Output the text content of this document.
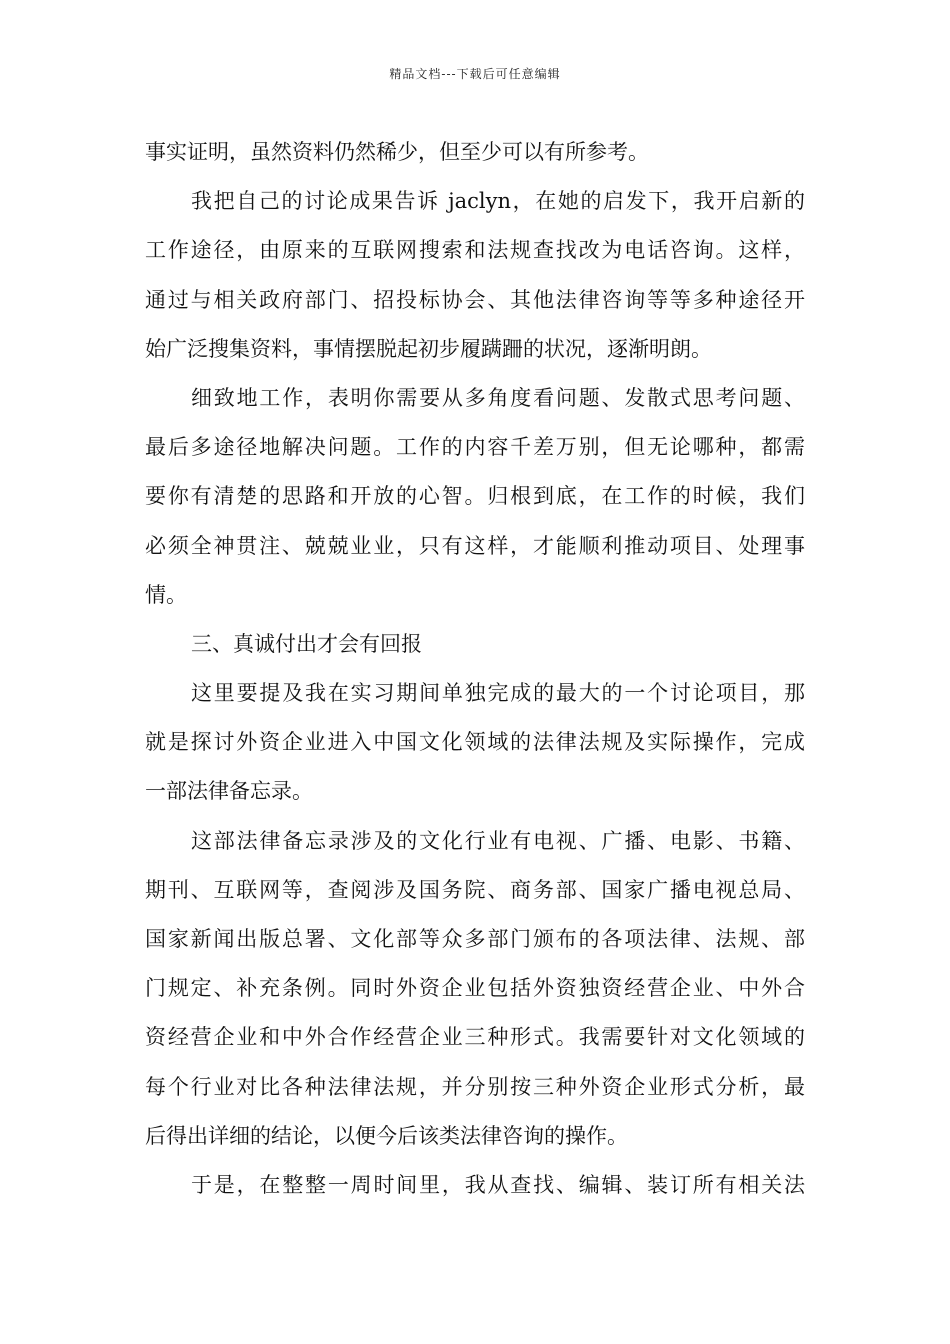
精品文档---下载后可任意编辑
事实证明，虽然资料仍然稀少，但至少可以有所参考。
我把自己的讨论成果告诉 jaclyn，在她的启发下，我开启新的
工作途径，由原来的互联网搜索和法规查找改为电话咨询。这样，
通过与相关政府部门、招投标协会、其他法律咨询等等多种途径开
始广泛搜集资料，事情摆脱起初步履蹒跚的状况，逐渐明朗。
细致地工作，表明你需要从多角度看问题、发散式思考问题、
最后多途径地解决问题。工作的内容千差万别，但无论哪种，都需
要你有清楚的思路和开放的心智。归根到底，在工作的时候，我们
必须全神贯注、兢兢业业，只有这样，才能顺利推动项目、处理事
情。
三、真诚付出才会有回报
这里要提及我在实习期间单独完成的最大的一个讨论项目，那
就是探讨外资企业进入中国文化领域的法律法规及实际操作，完成
一部法律备忘录。
这部法律备忘录涉及的文化行业有电视、广播、电影、书籍、
期刊、互联网等，查阅涉及国务院、商务部、国家广播电视总局、
国家新闻出版总署、文化部等众多部门颁布的各项法律、法规、部
门规定、补充条例。同时外资企业包括外资独资经营企业、中外合
资经营企业和中外合作经营企业三种形式。我需要针对文化领域的
每个行业对比各种法律法规，并分别按三种外资企业形式分析，最
后得出详细的结论，以便今后该类法律咨询的操作。
于是，在整整一周时间里，我从查找、编辑、装订所有相关法
